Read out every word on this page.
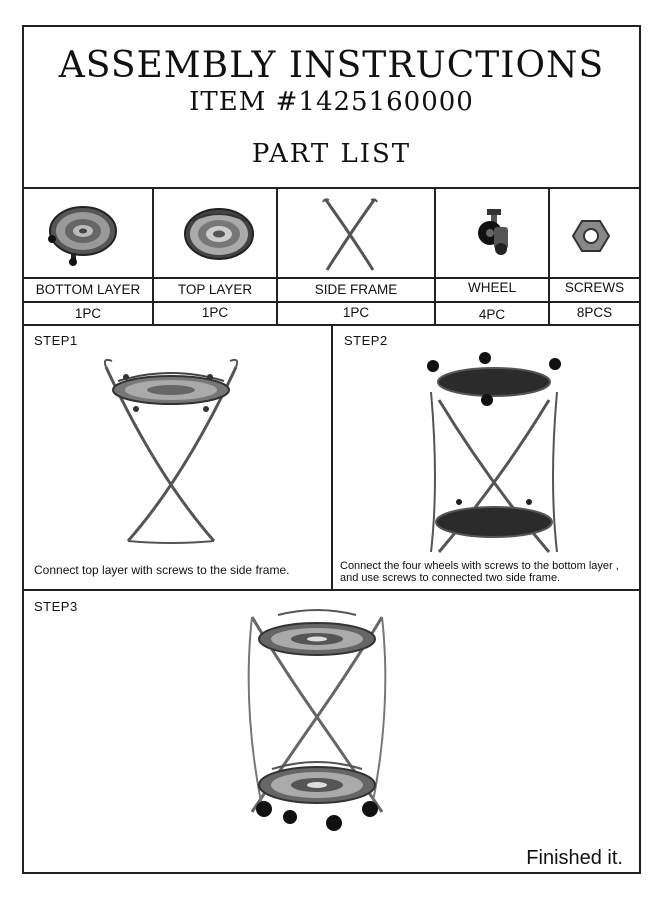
ASSEMBLY INSTRUCTIONS
ITEM #1425160000
PART LIST
BOTTOM LAYER	TOP LAYER	SIDE FRAME	WHEEL	SCREWS
1PC	1PC	1PC	4PC	8PCS
STEP1	STEP2
STEP3
Connect top layer with screws to the side frame.	Connect the four wheels with screws to the bottom layer ,
and use screws to connected two side frame.
Finished it.
